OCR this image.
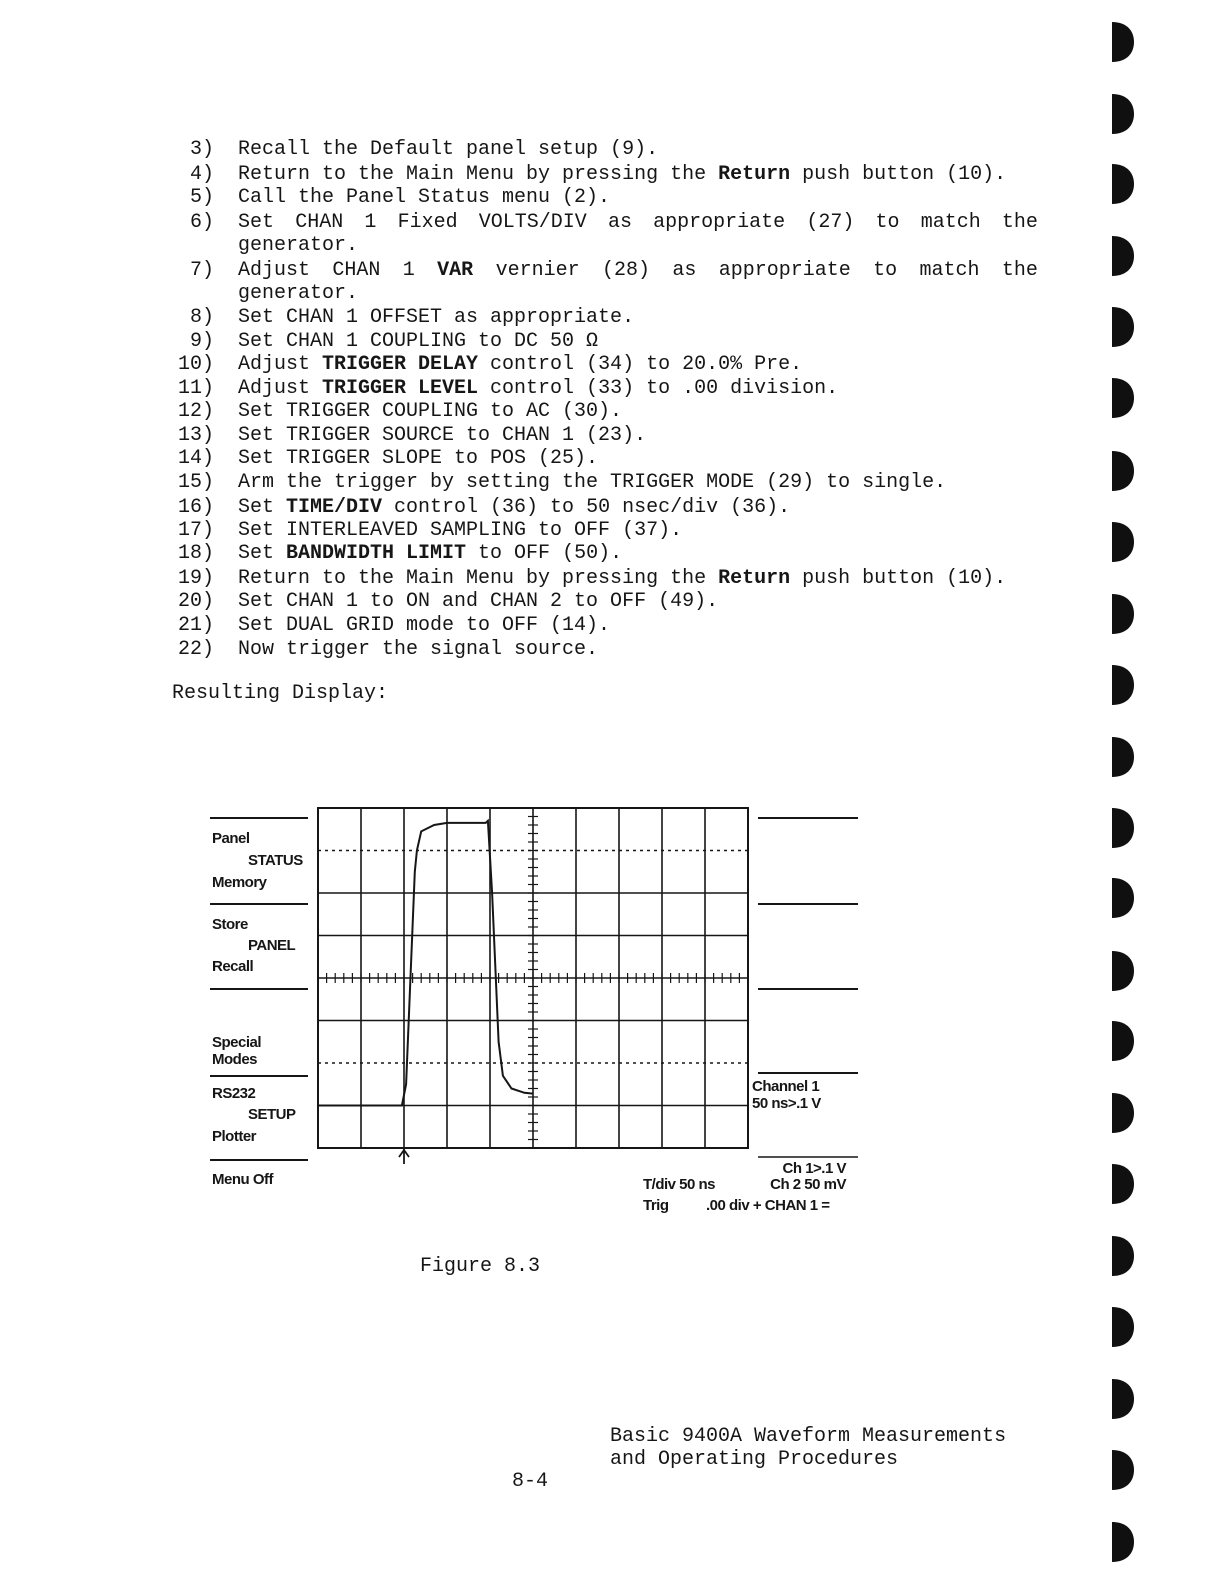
3) Recall the Default panel setup (9).
4) Return to the Main Menu by pressing the Return push button (10).
5) Call the Panel Status menu (2).
6) Set CHAN 1 Fixed VOLTS/DIV as appropriate (27) to match the
generator.
7) Adjust CHAN 1 VAR vernier (28) as appropriate to match the
generator.
8) Set CHAN 1 OFFSET as appropriate.
9) Set CHAN 1 COUPLING to DC 50 Ω
10) Adjust TRIGGER DELAY control (34) to 20.0% Pre.
11) Adjust TRIGGER LEVEL control (33) to .00 division.
12) Set TRIGGER COUPLING to AC (30).
13) Set TRIGGER SOURCE to CHAN 1 (23).
14) Set TRIGGER SLOPE to POS (25).
15) Arm the trigger by setting the TRIGGER MODE (29) to single.
16) Set TIME/DIV control (36) to 50 nsec/div (36).
17) Set INTERLEAVED SAMPLING to OFF (37).
18) Set BANDWIDTH LIMIT to OFF (50).
19) Return to the Main Menu by pressing the Return push button (10).
20) Set CHAN 1 to ON and CHAN 2 to OFF (49).
21) Set DUAL GRID mode to OFF (14).
22) Now trigger the signal source.
Resulting Display:
Panel
STATUS
Memory
Store
PANEL
Recall
Special
Modes
RS232
SETUP
Plotter
Menu Off
Channel 1
50 ns>.1 V
Ch 1>.1 V
T/div 50 ns	Ch 2 50 mV
Trig .00 div + CHAN 1 =
Figure 8.3
Basic 9400A Waveform Measurements
and Operating Procedures
8-4
